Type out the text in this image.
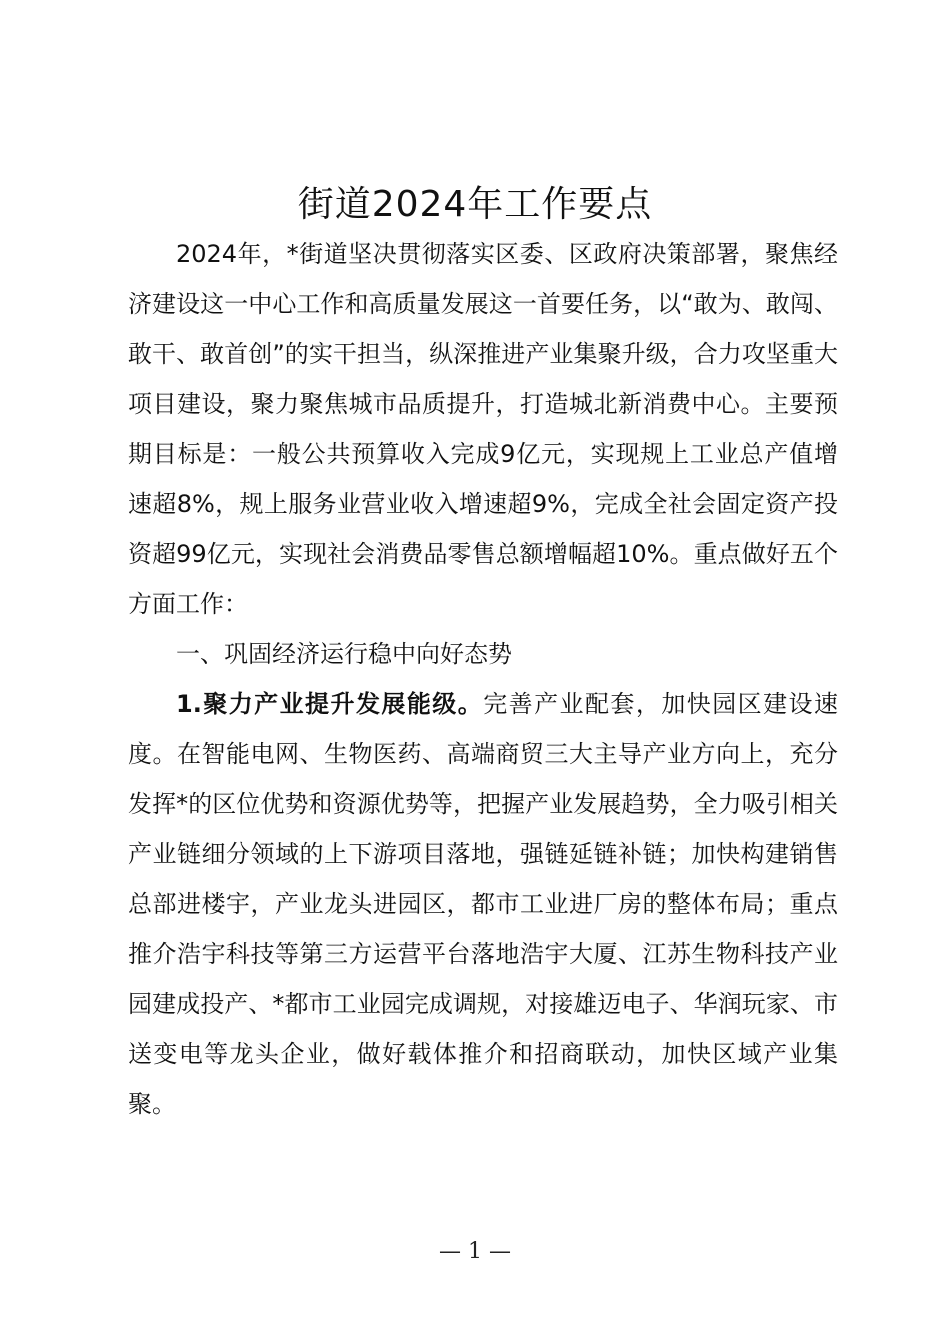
街道2024年工作要点

2024年，*街道坚决贯彻落实区委、区政府决策部署，聚焦经济建设这一中心工作和高质量发展这一首要任务，以“敢为、敢闯、敢干、敢首创”的实干担当，纵深推进产业集聚升级，合力攻坚重大项目建设，聚力聚焦城市品质提升，打造城北新消费中心。主要预期目标是：一般公共预算收入完成9亿元，实现规上工业总产值增速超8%，规上服务业营业收入增速超9%，完成全社会固定资产投资超99亿元，实现社会消费品零售总额增幅超10%。重点做好五个方面工作：

一、巩固经济运行稳中向好态势

1.聚力产业提升发展能级。完善产业配套，加快园区建设速度。在智能电网、生物医药、高端商贸三大主导产业方向上，充分发挥*的区位优势和资源优势等，把握产业发展趋势，全力吸引相关产业链细分领域的上下游项目落地，强链延链补链；加快构建销售总部进楼宇，产业龙头进园区，都市工业进厂房的整体布局；重点推介浩宇科技等第三方运营平台落地浩宇大厦、江苏生物科技产业园建成投产、*都市工业园完成调规，对接雄迈电子、华润玩家、市送变电等龙头企业，做好载体推介和招商联动，加快区域产业集聚。

— 1 —
